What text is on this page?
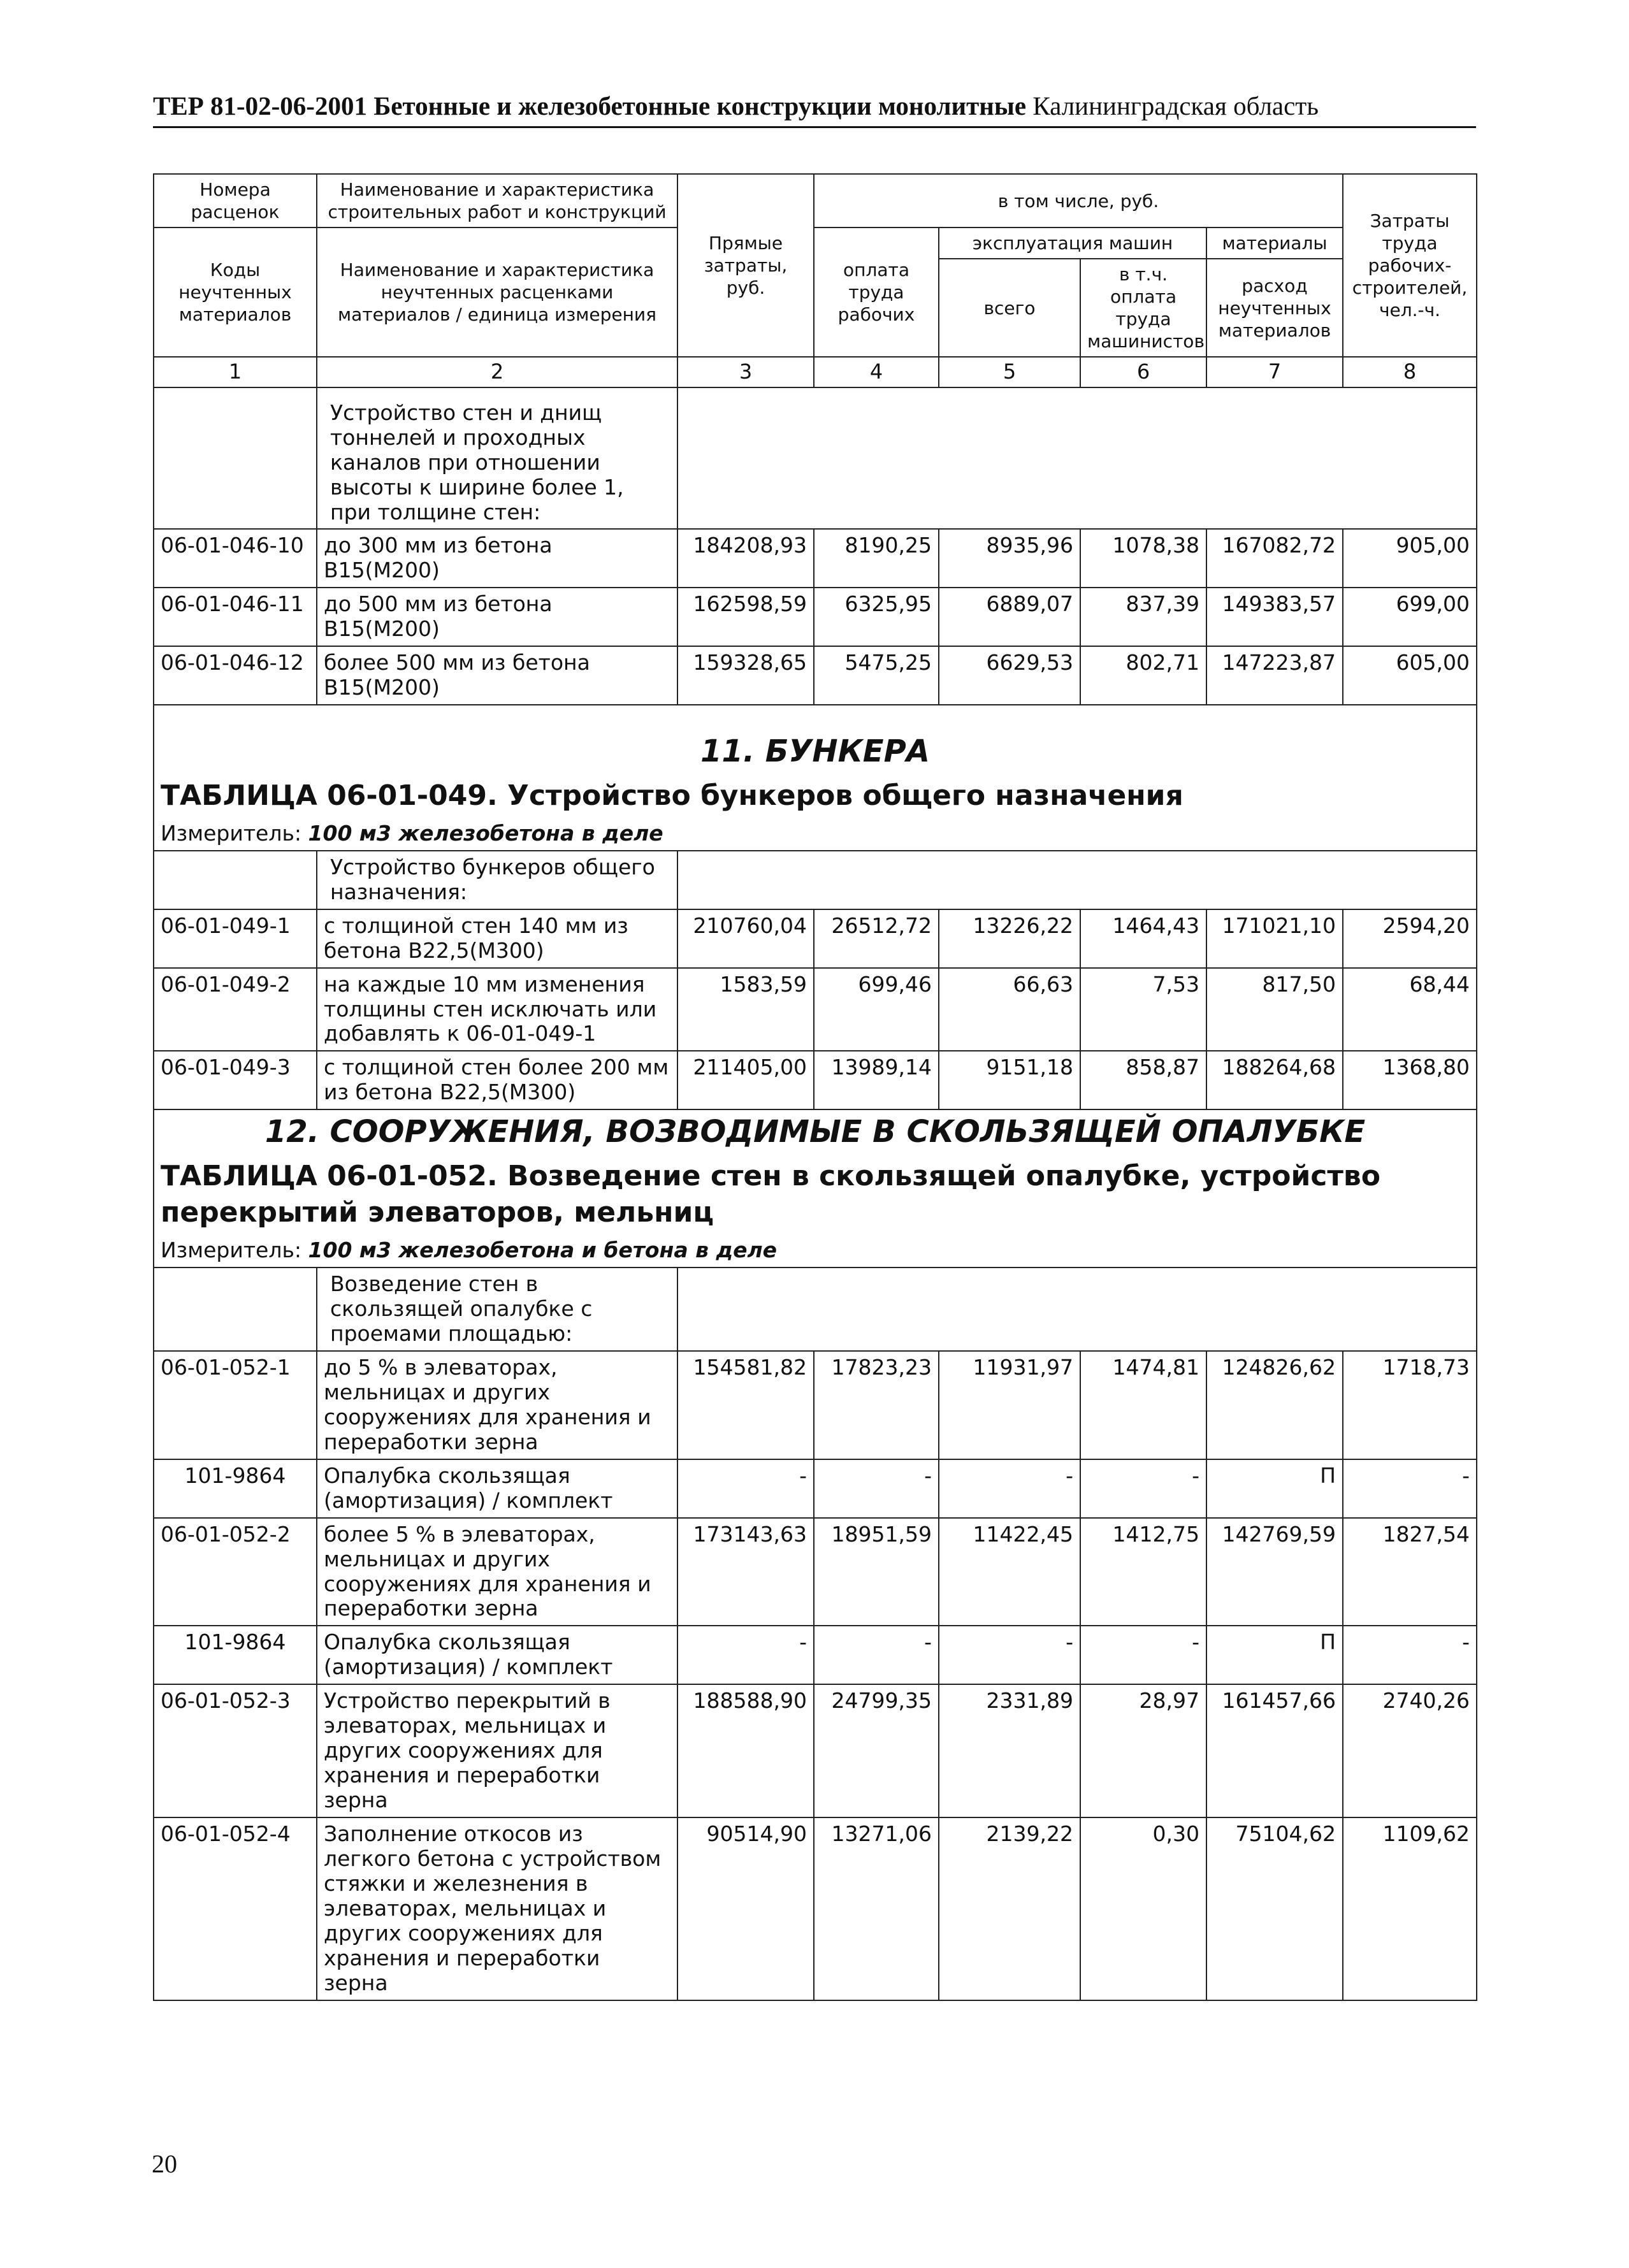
ТЕР 81-02-06-2001 Бетонные и железобетонные конструкции монолитные Калининградская область
Номера расценок	Наименование и характеристика строительных работ и конструкций	Прямые затраты, руб.	в том числе, руб.				Затраты труда рабочих-строителей, чел.-ч.
Коды неучтенных материалов	Наименование и характеристика неучтенных расценками материалов / единица измерения		оплата труда рабочих	эксплуатация машин		материалы	
				всего	в т.ч. оплата труда машинистов	расход неучтенных материалов	
1	2	3	4	5	6	7	8
	Устройство стен и днищ тоннелей и проходных каналов при отношении высоты к ширине более 1, при толщине стен:						
06-01-046-10	до 300 мм из бетона В15(М200)	184208,93	8190,25	8935,96	1078,38	167082,72	905,00
06-01-046-11	до 500 мм из бетона В15(М200)	162598,59	6325,95	6889,07	837,39	149383,57	699,00
06-01-046-12	более 500 мм из бетона В15(М200)	159328,65	5475,25	6629,53	802,71	147223,87	605,00
11. БУНКЕРА							
ТАБЛИЦА 06-01-049. Устройство бункеров общего назначения							
Измеритель: 100 м3 железобетона в деле							
	Устройство бункеров общего назначения:						
06-01-049-1	с толщиной стен 140 мм из бетона В22,5(М300)	210760,04	26512,72	13226,22	1464,43	171021,10	2594,20
06-01-049-2	на каждые 10 мм изменения толщины стен исключать или добавлять к 06-01-049-1	1583,59	699,46	66,63	7,53	817,50	68,44
06-01-049-3	с толщиной стен более 200 мм из бетона В22,5(М300)	211405,00	13989,14	9151,18	858,87	188264,68	1368,80
12. СООРУЖЕНИЯ, ВОЗВОДИМЫЕ В СКОЛЬЗЯЩЕЙ ОПАЛУБКЕ							
ТАБЛИЦА 06-01-052. Возведение стен в скользящей опалубке, устройство перекрытий элеваторов, мельниц							
Измеритель: 100 м3 железобетона и бетона в деле							
	Возведение стен в скользящей опалубке с проемами площадью:						
06-01-052-1	до 5 % в элеваторах, мельницах и других сооружениях для хранения и переработки зерна	154581,82	17823,23	11931,97	1474,81	124826,62	1718,73
101-9864	Опалубка скользящая (амортизация) / комплект	-	-	-	-	П	-
06-01-052-2	более 5 % в элеваторах, мельницах и других сооружениях для хранения и переработки зерна	173143,63	18951,59	11422,45	1412,75	142769,59	1827,54
101-9864	Опалубка скользящая (амортизация) / комплект	-	-	-	-	П	-
06-01-052-3	Устройство перекрытий в элеваторах, мельницах и других сооружениях для хранения и переработки зерна	188588,90	24799,35	2331,89	28,97	161457,66	2740,26
06-01-052-4	Заполнение откосов из легкого бетона с устройством стяжки и железнения в элеваторах, мельницах и других сооружениях для хранения и переработки зерна	90514,90	13271,06	2139,22	0,30	75104,62	1109,62
20
